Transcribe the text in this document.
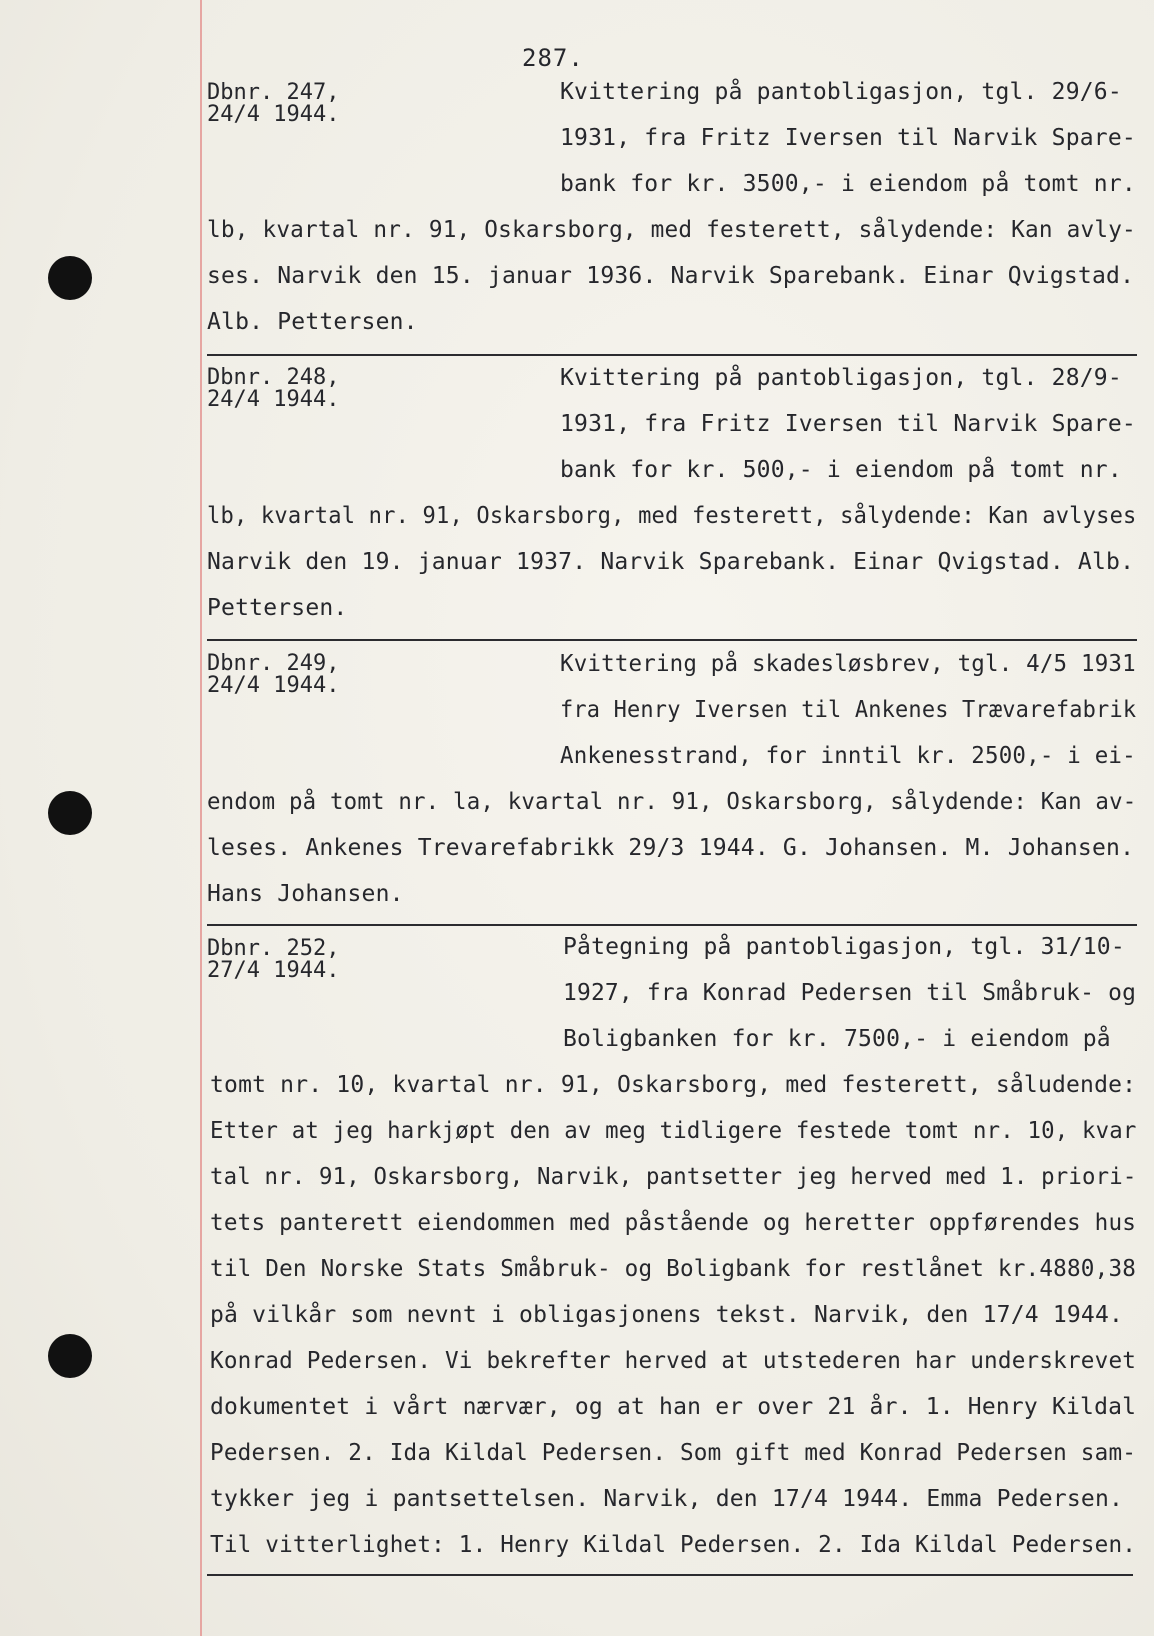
287.
Dbnr. 247,
24/4 1944.
Kvittering på pantobligasjon, tgl. 29/6-
1931, fra Fritz Iversen til Narvik Spare-
bank for kr. 3500,- i eiendom på tomt nr.
lb, kvartal nr. 91, Oskarsborg, med festerett, sålydende: Kan avly-
ses. Narvik den 15. januar 1936. Narvik Sparebank. Einar Qvigstad.
Alb. Pettersen.
Dbnr. 248,
24/4 1944.
Kvittering på pantobligasjon, tgl. 28/9-
1931, fra Fritz Iversen til Narvik Spare-
bank for kr. 500,- i eiendom på tomt nr.
lb, kvartal nr. 91, Oskarsborg, med festerett, sålydende: Kan avlyses
Narvik den 19. januar 1937. Narvik Sparebank. Einar Qvigstad. Alb.
Pettersen.
Dbnr. 249,
24/4 1944.
Kvittering på skadesløsbrev, tgl. 4/5 1931
fra Henry Iversen til Ankenes Trævarefabrik
Ankenesstrand, for inntil kr. 2500,- i ei-
endom på tomt nr. la, kvartal nr. 91, Oskarsborg, sålydende: Kan av-
leses. Ankenes Trevarefabrikk 29/3 1944. G. Johansen. M. Johansen.
Hans Johansen.
Dbnr. 252,
27/4 1944.
Påtegning på pantobligasjon, tgl. 31/10-
1927, fra Konrad Pedersen til Småbruk- og
Boligbanken for kr. 7500,- i eiendom på
tomt nr. 10, kvartal nr. 91, Oskarsborg, med festerett, såludende:
Etter at jeg harkjøpt den av meg tidligere festede tomt nr. 10, kvar
tal nr. 91, Oskarsborg, Narvik, pantsetter jeg herved med 1. priori-
tets panterett eiendommen med påstående og heretter oppførendes hus
til Den Norske Stats Småbruk- og Boligbank for restlånet kr.4880,38
på vilkår som nevnt i obligasjonens tekst. Narvik, den 17/4 1944.
Konrad Pedersen. Vi bekrefter herved at utstederen har underskrevet
dokumentet i vårt nærvær, og at han er over 21 år. 1. Henry Kildal
Pedersen. 2. Ida Kildal Pedersen. Som gift med Konrad Pedersen sam-
tykker jeg i pantsettelsen. Narvik, den 17/4 1944. Emma Pedersen.
Til vitterlighet: 1. Henry Kildal Pedersen. 2. Ida Kildal Pedersen.
